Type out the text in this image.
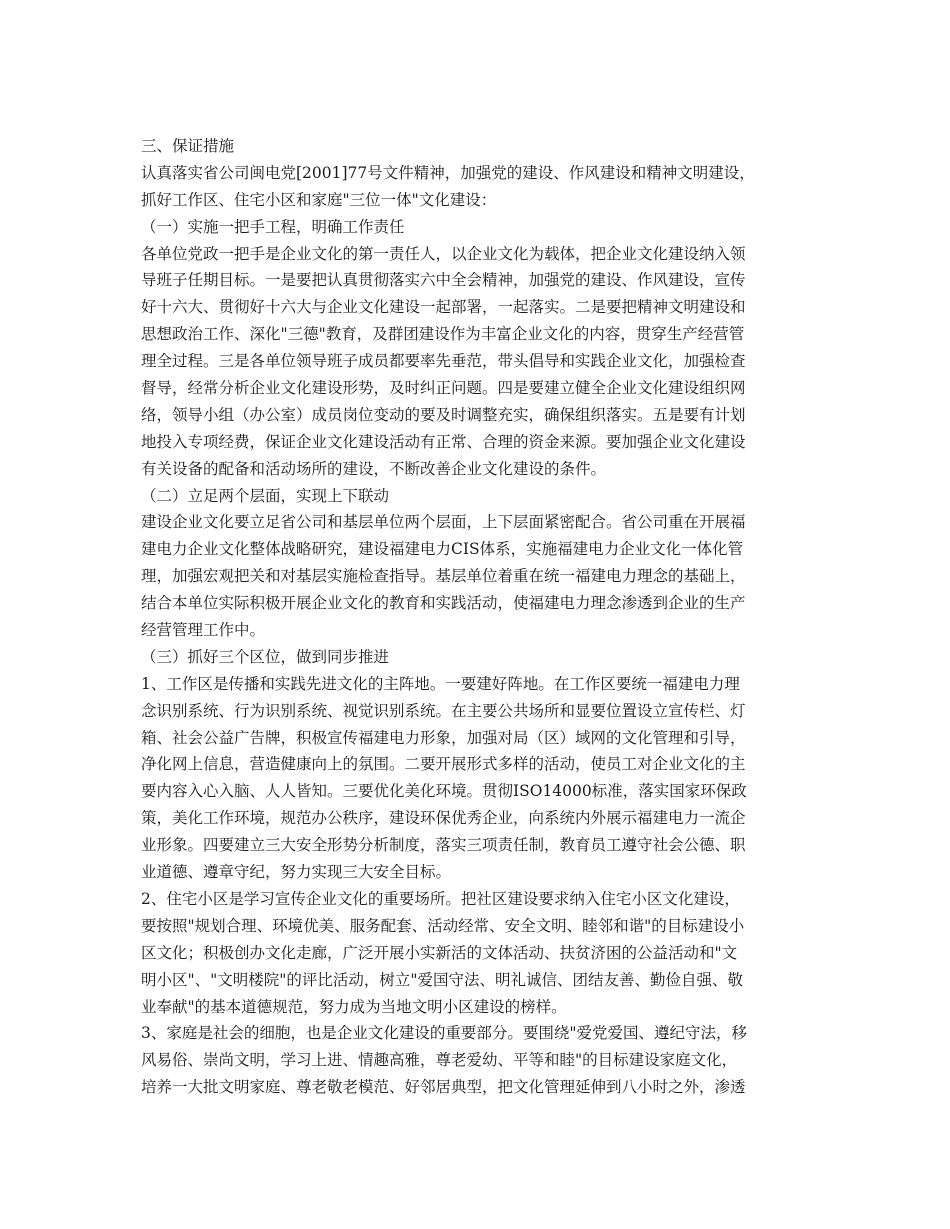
三、保证措施
认真落实省公司闽电党[2001]77号文件精神，加强党的建设、作风建设和精神文明建设，
抓好工作区、住宅小区和家庭"三位一体"文化建设：
（一）实施一把手工程，明确工作责任
各单位党政一把手是企业文化的第一责任人，以企业文化为载体，把企业文化建设纳入领
导班子任期目标。一是要把认真贯彻落实六中全会精神，加强党的建设、作风建设，宣传
好十六大、贯彻好十六大与企业文化建设一起部署，一起落实。二是要把精神文明建设和
思想政治工作、深化"三德"教育，及群团建设作为丰富企业文化的内容，贯穿生产经营管
理全过程。三是各单位领导班子成员都要率先垂范，带头倡导和实践企业文化，加强检查
督导，经常分析企业文化建设形势，及时纠正问题。四是要建立健全企业文化建设组织网
络，领导小组（办公室）成员岗位变动的要及时调整充实，确保组织落实。五是要有计划
地投入专项经费，保证企业文化建设活动有正常、合理的资金来源。要加强企业文化建设
有关设备的配备和活动场所的建设，不断改善企业文化建设的条件。
（二）立足两个层面，实现上下联动
建设企业文化要立足省公司和基层单位两个层面，上下层面紧密配合。省公司重在开展福
建电力企业文化整体战略研究，建设福建电力CIS体系，实施福建电力企业文化一体化管
理，加强宏观把关和对基层实施检查指导。基层单位着重在统一福建电力理念的基础上，
结合本单位实际积极开展企业文化的教育和实践活动，使福建电力理念渗透到企业的生产
经营管理工作中。
（三）抓好三个区位，做到同步推进
1、工作区是传播和实践先进文化的主阵地。一要建好阵地。在工作区要统一福建电力理
念识别系统、行为识别系统、视觉识别系统。在主要公共场所和显要位置设立宣传栏、灯
箱、社会公益广告牌，积极宣传福建电力形象，加强对局（区）域网的文化管理和引导，
净化网上信息，营造健康向上的氛围。二要开展形式多样的活动，使员工对企业文化的主
要内容入心入脑、人人皆知。三要优化美化环境。贯彻ISO14000标准，落实国家环保政
策，美化工作环境，规范办公秩序，建设环保优秀企业，向系统内外展示福建电力一流企
业形象。四要建立三大安全形势分析制度，落实三项责任制，教育员工遵守社会公德、职
业道德、遵章守纪，努力实现三大安全目标。
2、住宅小区是学习宣传企业文化的重要场所。把社区建设要求纳入住宅小区文化建设，
要按照"规划合理、环境优美、服务配套、活动经常、安全文明、睦邻和谐"的目标建设小
区文化；积极创办文化走廊，广泛开展小实新活的文体活动、扶贫济困的公益活动和"文
明小区"、"文明楼院"的评比活动，树立"爱国守法、明礼诚信、团结友善、勤俭自强、敬
业奉献"的基本道德规范，努力成为当地文明小区建设的榜样。
3、家庭是社会的细胞，也是企业文化建设的重要部分。要围绕"爱党爱国、遵纪守法，移
风易俗、崇尚文明，学习上进、情趣高雅，尊老爱幼、平等和睦"的目标建设家庭文化，
培养一大批文明家庭、尊老敬老模范、好邻居典型，把文化管理延伸到八小时之外，渗透
